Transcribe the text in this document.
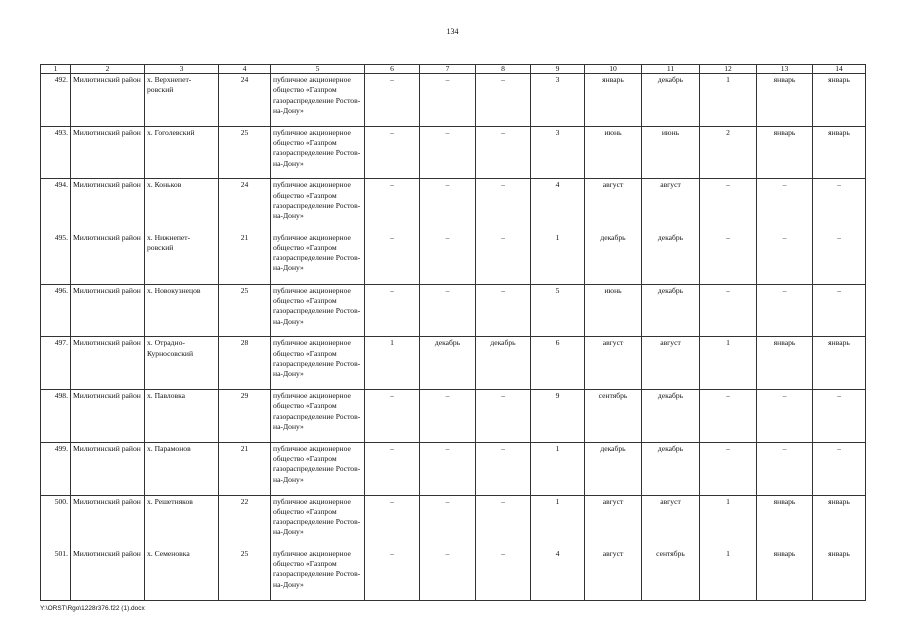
134
1	2	3	4	5	6	7	8	9	10	11	12	13	14
492.	Милютинский район	х. Верхнепет-ровский	24	публичное акционерное общество «Газпром газораспределение Ростов-на-Дону»	–	–	–	3	январь	декабрь	1	январь	январь
493.	Милютинский район	х. Гоголевский	25	публичное акционерное общество «Газпром газораспределение Ростов-на-Дону»	–	–	–	3	июнь	июнь	2	январь	январь
494.	Милютинский район	х. Коньков	24	публичное акционерное общество «Газпром газораспределение Ростов-на-Дону»	–	–	–	4	август	август	–	–	–
495.	Милютинский район	х. Нижнепет-ровский	21	публичное акционерное общество «Газпром газораспределение Ростов-на-Дону»	–	–	–	1	декабрь	декабрь	–	–	–
496.	Милютинский район	х. Новокузнецов	25	публичное акционерное общество «Газпром газораспределение Ростов-на-Дону»	–	–	–	5	июнь	декабрь	–	–	–
497.	Милютинский район	х. Отрадно-Курносовский	28	публичное акционерное общество «Газпром газораспределение Ростов-на-Дону»	1	декабрь	декабрь	6	август	август	1	январь	январь
498.	Милютинский район	х. Павловка	29	публичное акционерное общество «Газпром газораспределение Ростов-на-Дону»	–	–	–	9	сентябрь	декабрь	–	–	–
499.	Милютинский район	х. Парамонов	21	публичное акционерное общество «Газпром газораспределение Ростов-на-Дону»	–	–	–	1	декабрь	декабрь	–	–	–
500.	Милютинский район	х. Решетняков	22	публичное акционерное общество «Газпром газораспределение Ростов-на-Дону»	–	–	–	1	август	август	1	январь	январь
501.	Милютинский район	х. Семеновка	25	публичное акционерное общество «Газпром газораспределение Ростов-на-Дону»	–	–	–	4	август	сентябрь	1	январь	январь
Y:\ORST\Rgo\1228r376.f22 (1).docx
